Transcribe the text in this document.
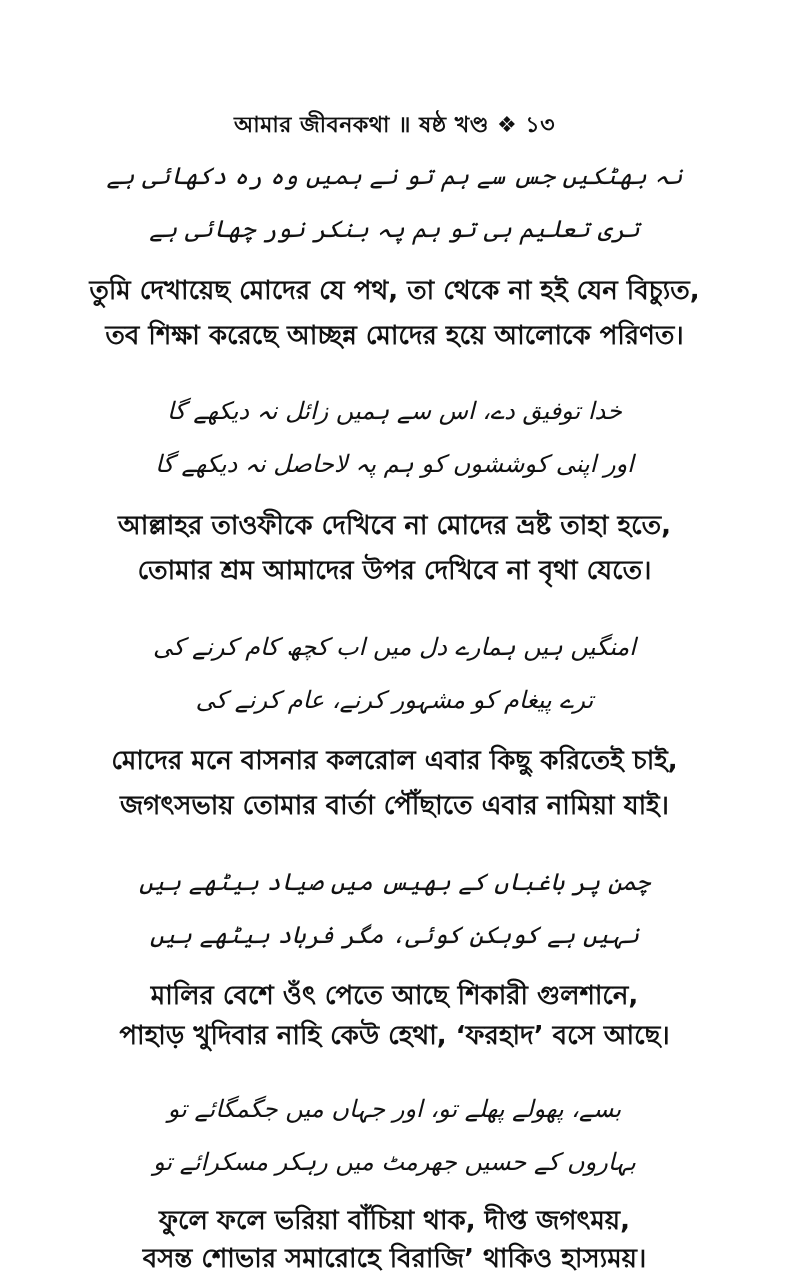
আমার জীবনকথা ॥ ষষ্ঠ খণ্ড ❖ ১৩
نہ بھٹکیں جس سے ہم تو نے ہمیں وہ رہ دکھائی ہے
تری تعلیم ہی تو ہم پہ بنکر نور چھائی ہے
তুমি দেখায়েছ মোদের যে পথ, তা থেকে না হই যেন বিচ্যুত,
তব শিক্ষা করেছে আচ্ছন্ন মোদের হয়ে আলোকে পরিণত।
خدا توفیق دے، اس سے ہمیں زائل نہ دیکھے گا
اور اپنی کوششوں کو ہم پہ لاحاصل نہ دیکھے گا
আল্লাহর তাওফীকে দেখিবে না মোদের ভ্রষ্ট তাহা হতে,
তোমার শ্রম আমাদের উপর দেখিবে না বৃথা যেতে।
امنگیں ہیں ہمارے دل میں اب کچھ کام کرنے کی
ترے پیغام کو مشہور کرنے، عام کرنے کی
মোদের মনে বাসনার কলরোল এবার কিছু করিতেই চাই,
জগৎসভায় তোমার বার্তা পৌঁছাতে এবার নামিয়া যাই।
چمن پر باغباں کے بھیس میں صیاد بیٹھے ہیں
نہیں ہے کوہکن کوئی، مگر فرہاد بیٹھے ہیں
মালির বেশে ওঁৎ পেতে আছে শিকারী গুলশানে,
পাহাড় খুদিবার নাহি কেউ হেথা, ‘ফরহাদ’ বসে আছে।
بسے، پھولے پھلے تو، اور جہاں میں جگمگائے تو
بہاروں کے حسیں جھرمٹ میں رہکر مسکرائے تو
ফুলে ফলে ভরিয়া বাঁচিয়া থাক, দীপ্ত জগৎময়,
বসন্ত শোভার সমারোহে বিরাজি’ থাকিও হাস্যময়।
